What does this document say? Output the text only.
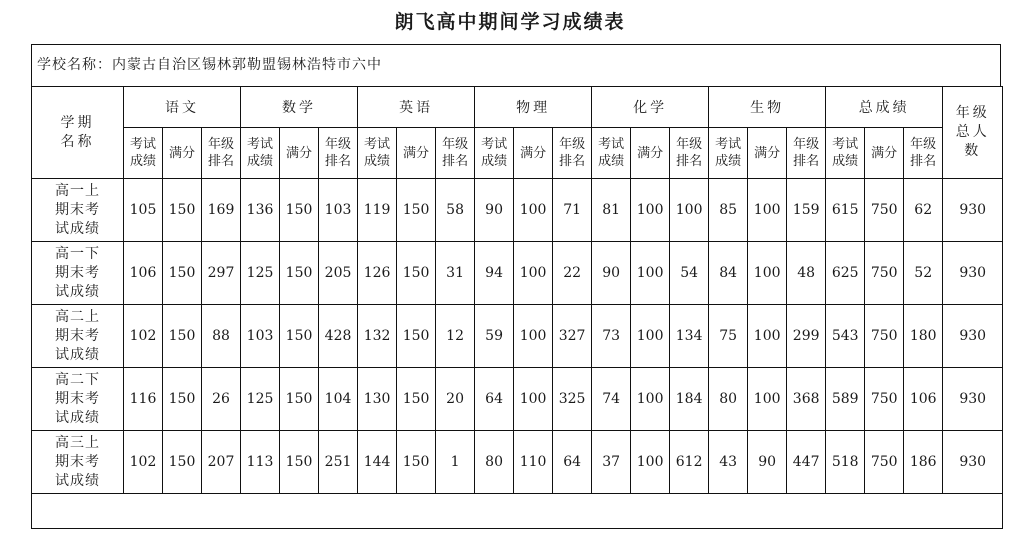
朗飞高中期间学习成绩表
学校名称：内蒙古自治区锡林郭勒盟锡林浩特市六中
学期名称	语文			数学			英语			物理			化学			生物			总成绩			年级总人数
	考试成绩	满分	年级排名	考试成绩	满分	年级排名	考试成绩	满分	年级排名	考试成绩	满分	年级排名	考试成绩	满分	年级排名	考试成绩	满分	年级排名	考试成绩	满分	年级排名	
高一上期末考试成绩	105	150	169	136	150	103	119	150	58	90	100	71	81	100	100	85	100	159	615	750	62	930
高一下期末考试成绩	106	150	297	125	150	205	126	150	31	94	100	22	90	100	54	84	100	48	625	750	52	930
高二上期末考试成绩	102	150	88	103	150	428	132	150	12	59	100	327	73	100	134	75	100	299	543	750	180	930
高二下期末考试成绩	116	150	26	125	150	104	130	150	20	64	100	325	74	100	184	80	100	368	589	750	106	930
高三上期末考试成绩	102	150	207	113	150	251	144	150	1	80	110	64	37	100	612	43	90	447	518	750	186	930
